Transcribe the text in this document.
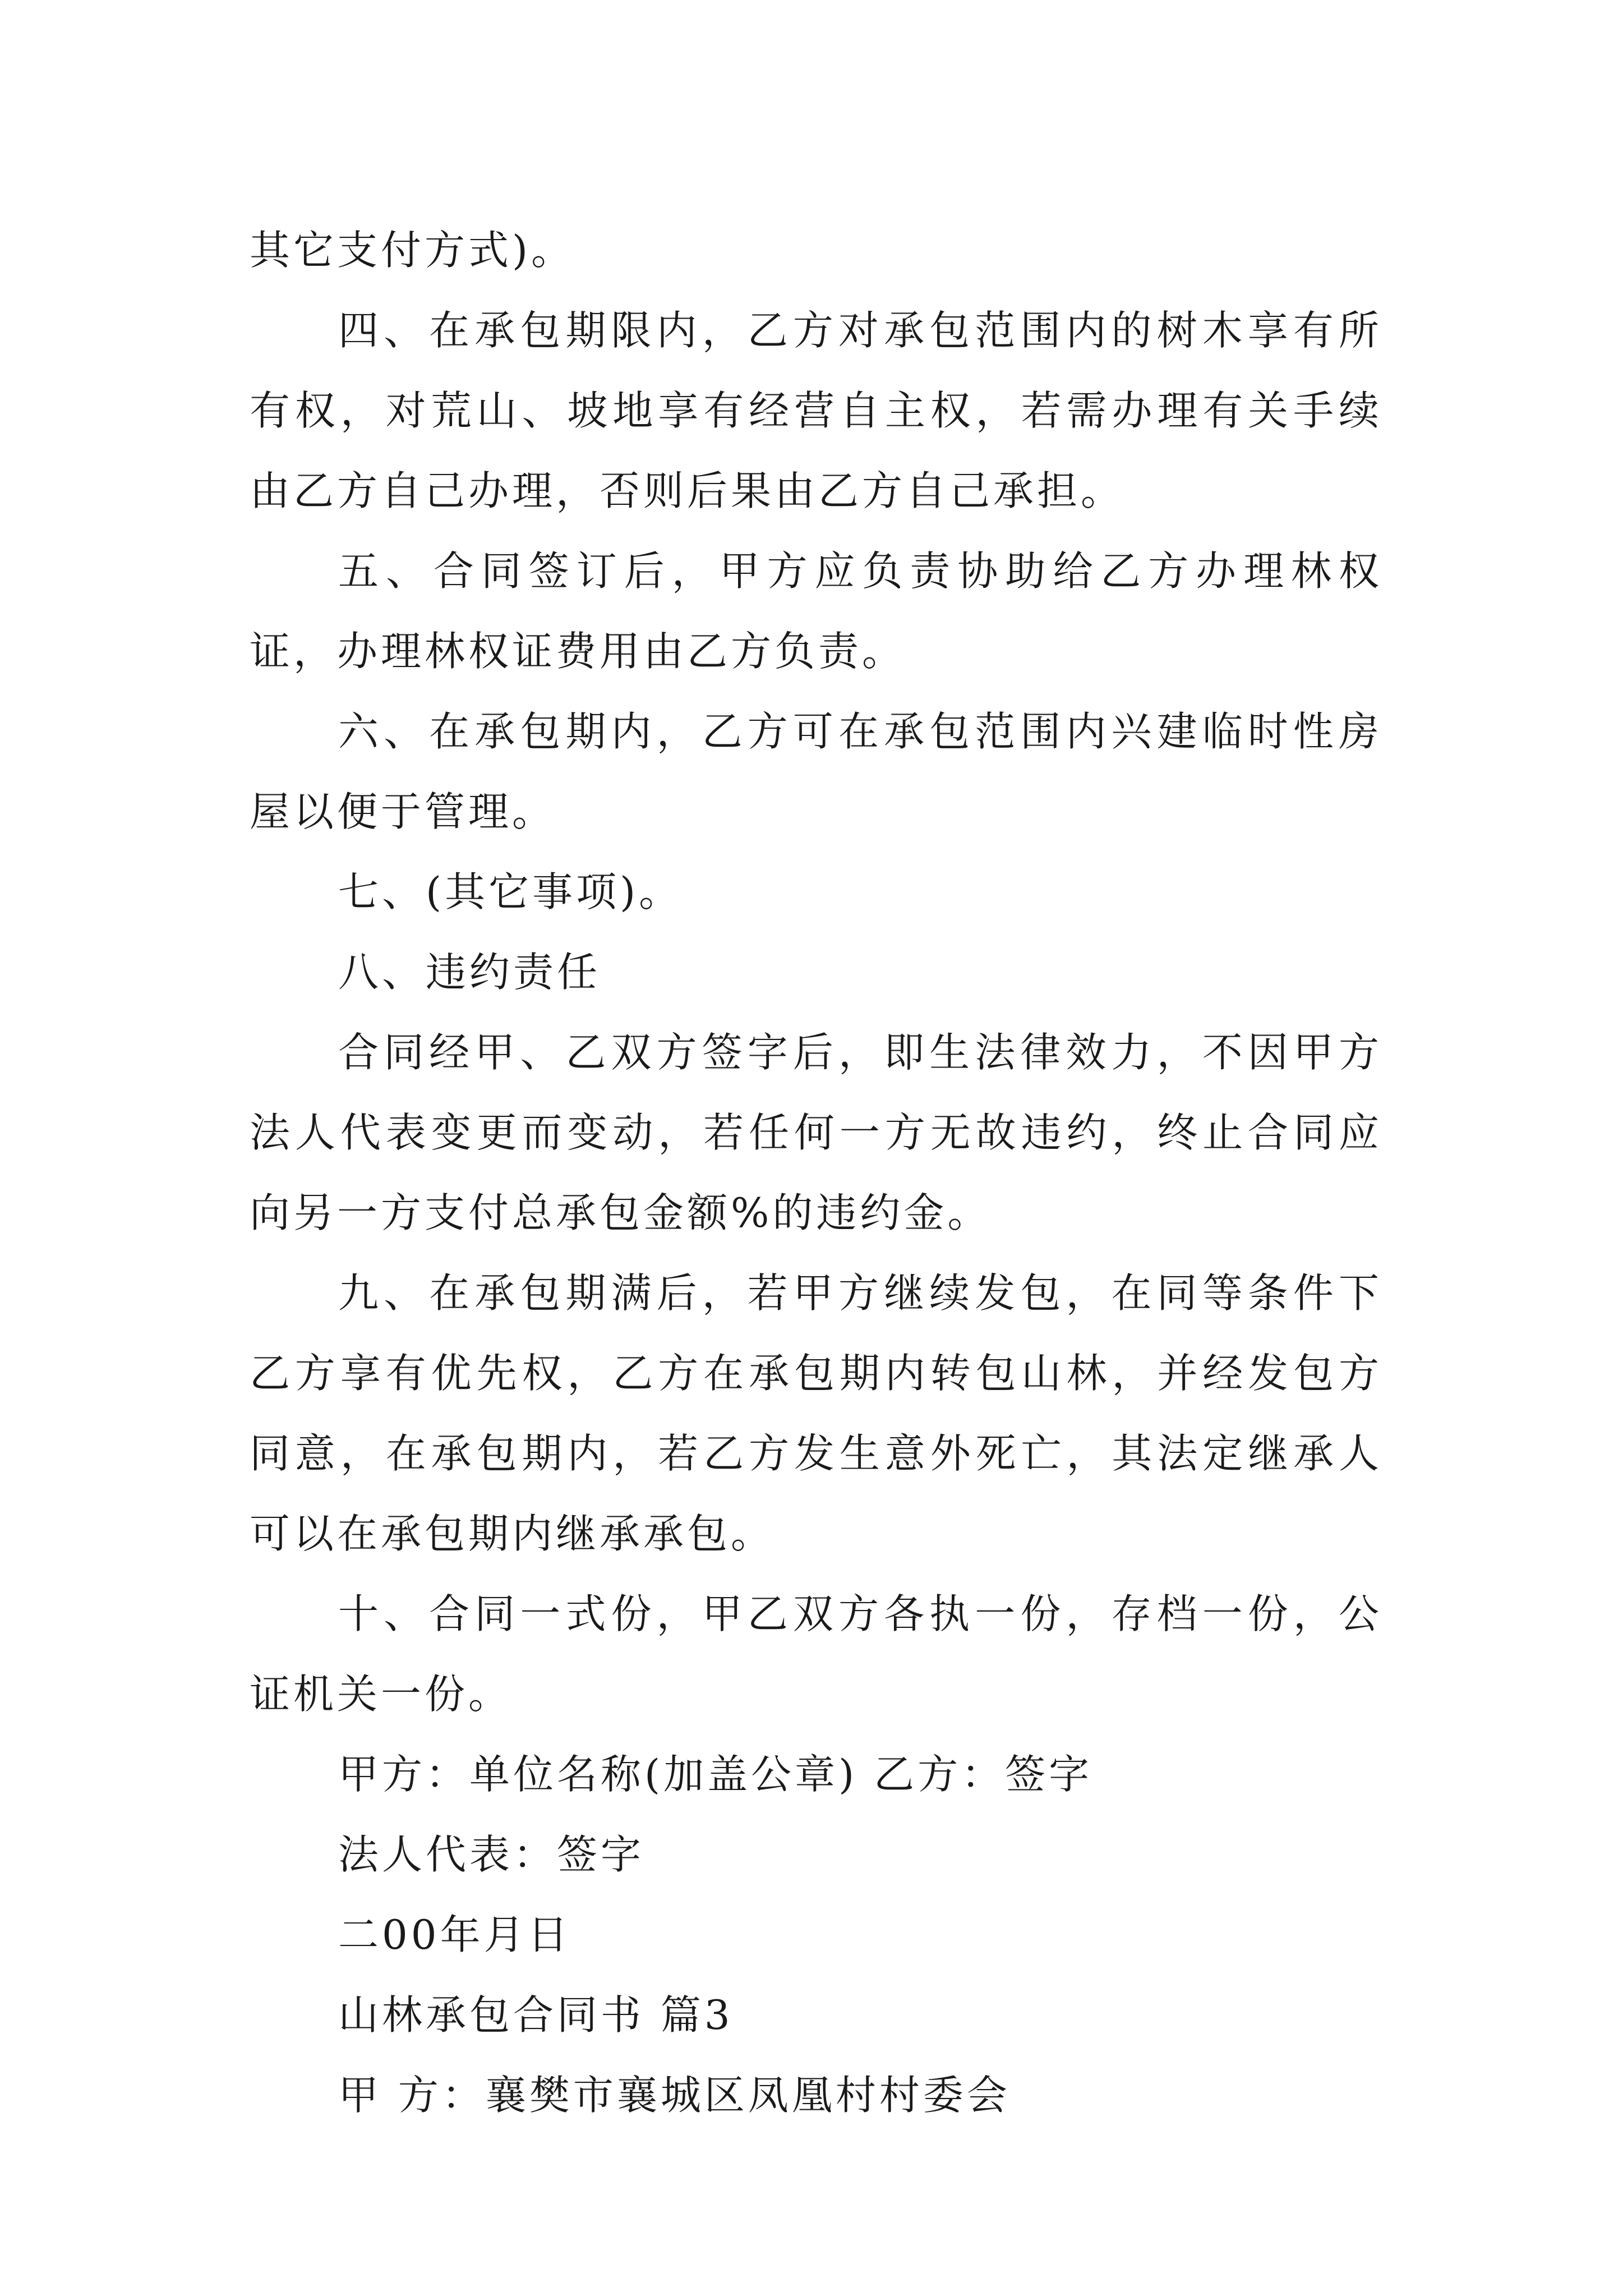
其它支付方式)。

四、在承包期限内，乙方对承包范围内的树木享有所有权，对荒山、坡地享有经营自主权，若需办理有关手续由乙方自己办理，否则后果由乙方自己承担。

五、合同签订后，甲方应负责协助给乙方办理林权证，办理林权证费用由乙方负责。

六、在承包期内，乙方可在承包范围内兴建临时性房屋以便于管理。

七、(其它事项)。

八、违约责任

合同经甲、乙双方签字后，即生法律效力，不因甲方法人代表变更而变动，若任何一方无故违约，终止合同应向另一方支付总承包金额%的违约金。

九、在承包期满后，若甲方继续发包，在同等条件下乙方享有优先权，乙方在承包期内转包山林，并经发包方同意，在承包期内，若乙方发生意外死亡，其法定继承人可以在承包期内继承承包。

十、合同一式份，甲乙双方各执一份，存档一份，公证机关一份。

甲方：单位名称(加盖公章) 乙方：签字

法人代表：签字

二00年月日

山林承包合同书 篇3

甲 方：襄樊市襄城区凤凰村村委会
